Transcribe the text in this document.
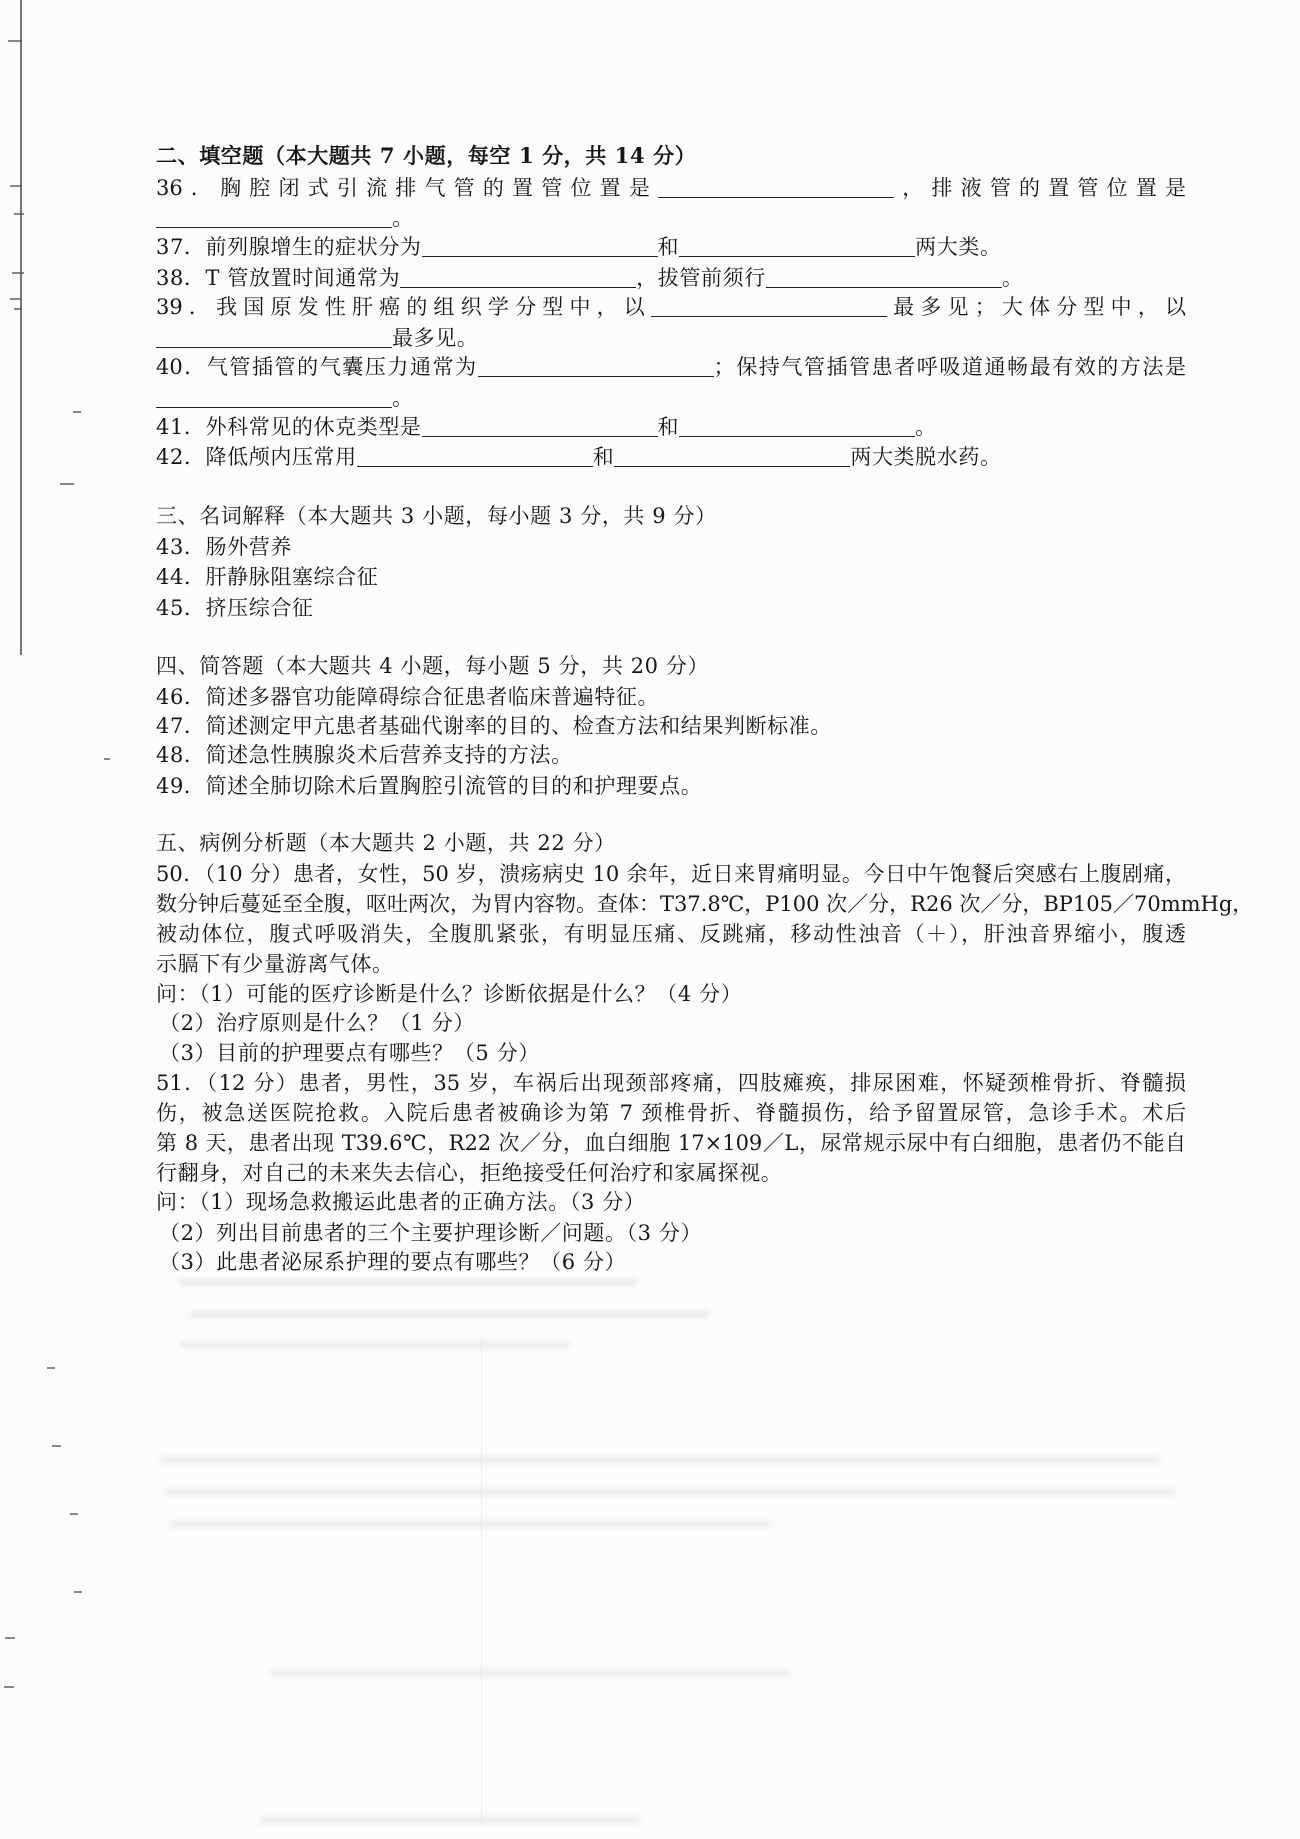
二、填空题（本大题共 7 小题，每空 1 分，共 14 分）
36．胸腔闭式引流排气管的置管位置是	，排液管的置管位置是
。
37．前列腺增生的症状分为	和	两大类。
38．T 管放置时间通常为	，拔管前须行	。
39．我国原发性肝癌的组织学分型中，以	最多见；大体分型中，以
最多见。
40．气管插管的气囊压力通常为	；保持气管插管患者呼吸道通畅最有效的方法是
。
41．外科常见的休克类型是	和	。
42．降低颅内压常用	和	两大类脱水药。
三、名词解释（本大题共 3 小题，每小题 3 分，共 9 分）
43．肠外营养
44．肝静脉阻塞综合征
45．挤压综合征
四、简答题（本大题共 4 小题，每小题 5 分，共 20 分）
46．简述多器官功能障碍综合征患者临床普遍特征。
47．简述测定甲亢患者基础代谢率的目的、检查方法和结果判断标准。
48．简述急性胰腺炎术后营养支持的方法。
49．简述全肺切除术后置胸腔引流管的目的和护理要点。
五、病例分析题（本大题共 2 小题，共 22 分）
50．（10 分）患者，女性，50 岁，溃疡病史 10 余年，近日来胃痛明显。今日中午饱餐后突感右上腹剧痛，
数分钟后蔓延至全腹，呕吐两次，为胃内容物。查体：T37.8℃，P100 次／分，R26 次／分，BP105／70mmHg，
被动体位，腹式呼吸消失，全腹肌紧张，有明显压痛、反跳痛，移动性浊音（＋），肝浊音界缩小，腹透
示膈下有少量游离气体。
问：（1）可能的医疗诊断是什么？诊断依据是什么？（4 分）
（2）治疗原则是什么？（1 分）
（3）目前的护理要点有哪些？（5 分）
51．（12 分）患者，男性，35 岁，车祸后出现颈部疼痛，四肢瘫痪，排尿困难，怀疑颈椎骨折、脊髓损
伤，被急送医院抢救。入院后患者被确诊为第 7 颈椎骨折、脊髓损伤，给予留置尿管，急诊手术。术后
第 8 天，患者出现 T39.6℃，R22 次／分，血白细胞 17×109／L，尿常规示尿中有白细胞，患者仍不能自
行翻身，对自己的未来失去信心，拒绝接受任何治疗和家属探视。
问：（1）现场急救搬运此患者的正确方法。（3 分）
（2）列出目前患者的三个主要护理诊断／问题。（3 分）
（3）此患者泌尿系护理的要点有哪些？（6 分）
